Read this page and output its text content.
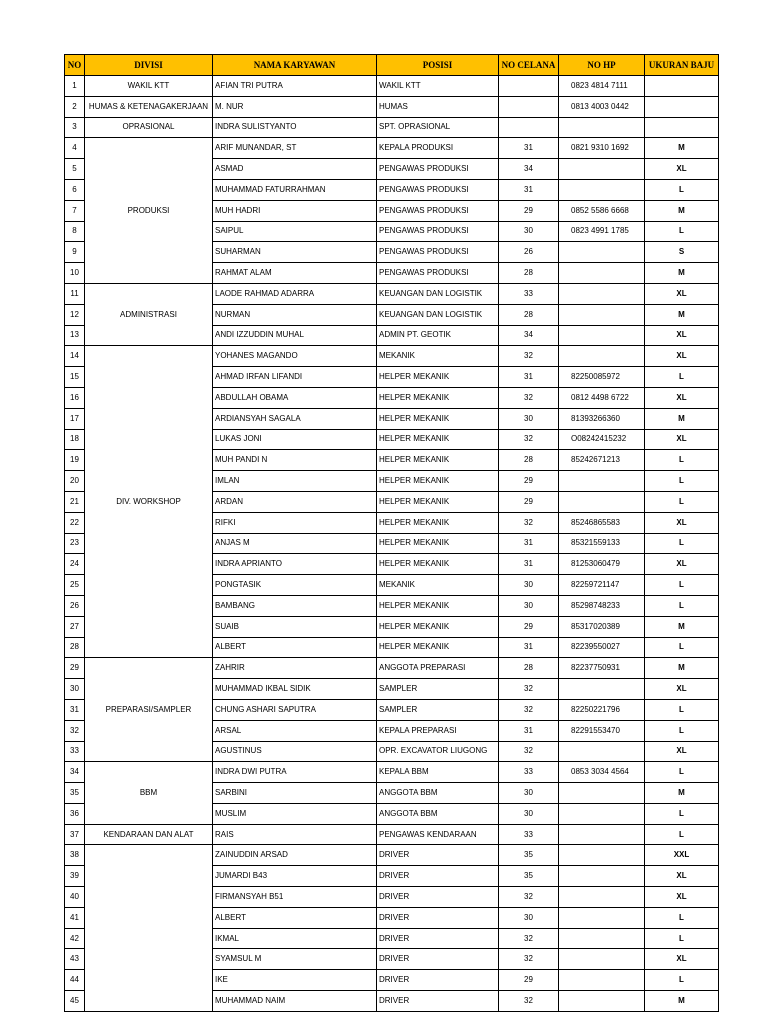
NO	DIVISI	NAMA KARYAWAN	POSISI	NO CELANA	NO HP	UKURAN BAJU
1	WAKIL KTT	AFIAN TRI PUTRA	WAKIL KTT		0823 4814 7111	
2	HUMAS & KETENAGAKERJAAN	M. NUR	HUMAS		0813 4003 0442	
3	OPRASIONAL	INDRA SULISTYANTO	SPT. OPRASIONAL			
4	PRODUKSI	ARIF MUNANDAR, ST	KEPALA PRODUKSI	31	0821 9310 1692	M
5		ASMAD	PENGAWAS PRODUKSI	34		XL
6		MUHAMMAD FATURRAHMAN	PENGAWAS PRODUKSI	31		L
7		MUH HADRI	PENGAWAS PRODUKSI	29	0852 5586 6668	M
8		SAIPUL	PENGAWAS PRODUKSI	30	0823 4991 1785	L
9		SUHARMAN	PENGAWAS PRODUKSI	26		S
10		RAHMAT ALAM	PENGAWAS PRODUKSI	28		M
11	ADMINISTRASI	LAODE RAHMAD ADARRA	KEUANGAN DAN LOGISTIK	33		XL
12		NURMAN	KEUANGAN DAN LOGISTIK	28		M
13		ANDI IZZUDDIN MUHAL	ADMIN PT. GEOTIK	34		XL
14	DIV. WORKSHOP	YOHANES MAGANDO	MEKANIK	32		XL
15		AHMAD IRFAN LIFANDI	HELPER MEKANIK	31	82250085972	L
16		ABDULLAH OBAMA	HELPER MEKANIK	32	0812 4498 6722	XL
17		ARDIANSYAH SAGALA	HELPER MEKANIK	30	81393266360	M
18		LUKAS JONI	HELPER MEKANIK	32	O08242415232	XL
19		MUH PANDI N	HELPER MEKANIK	28	85242671213	L
20		IMLAN	HELPER MEKANIK	29		L
21		ARDAN	HELPER MEKANIK	29		L
22		RIFKI	HELPER MEKANIK	32	85246865583	XL
23		ANJAS M	HELPER MEKANIK	31	85321559133	L
24		INDRA APRIANTO	HELPER MEKANIK	31	81253060479	XL
25		PONGTASIK	MEKANIK	30	82259721147	L
26		BAMBANG	HELPER MEKANIK	30	85298748233	L
27		SUAIB	HELPER MEKANIK	29	85317020389	M
28		ALBERT	HELPER MEKANIK	31	82239550027	L
29	PREPARASI/SAMPLER	ZAHRIR	ANGGOTA PREPARASI	28	82237750931	M
30		MUHAMMAD IKBAL SIDIK	SAMPLER	32		XL
31		CHUNG ASHARI SAPUTRA	SAMPLER	32	82250221796	L
32		ARSAL	KEPALA PREPARASI	31	82291553470	L
33		AGUSTINUS	OPR. EXCAVATOR LIUGONG	32		XL
34	BBM	INDRA DWI PUTRA	KEPALA BBM	33	0853 3034 4564	L
35		SARBINI	ANGGOTA BBM	30		M
36		MUSLIM	ANGGOTA BBM	30		L
37	KENDARAAN DAN ALAT	RAIS	PENGAWAS KENDARAAN	33		L
38		ZAINUDDIN ARSAD	DRIVER	35		XXL
39		JUMARDI B43	DRIVER	35		XL
40		FIRMANSYAH B51	DRIVER	32		XL
41		ALBERT	DRIVER	30		L
42		IKMAL	DRIVER	32		L
43		SYAMSUL M	DRIVER	32		XL
44		IKE	DRIVER	29		L
45		MUHAMMAD NAIM	DRIVER	32		M
